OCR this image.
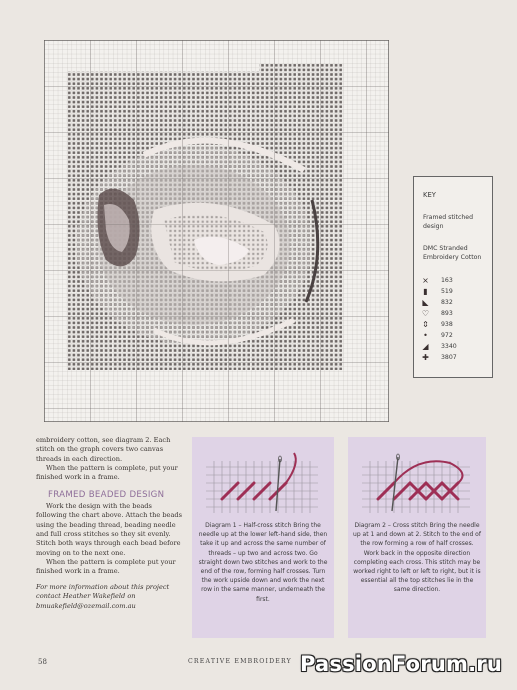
KEY
Framed stitched design
DMC Stranded Embroidery Cotton
× 163
▮	519
◣ 832
♡ 893
⇕ 938
•	972
◢ 3340
✚ 3807

embroidery cotton, see diagram 2. Each stitch on the graph covers two canvas threads in each direction.

When the pattern is complete, put your finished work in a frame.

FRAMED BEADED DESIGN

Work the design with the beads following the chart above. Attach the beads using the beading thread, beading needle and full cross stitches so they sit evenly. Stitch both ways through each bead before moving on to the next one.

When the pattern is complete put your finished work in a frame.

For more information about this project contact Heather Wakefield on bmuakefield@ozemail.com.au

Diagram 1 – Half-cross stitch Bring the needle up at the lower left-hand side, then take it up and across the same number of threads – up two and across two. Go straight down two stitches and work to the end of the row, forming half crosses. Turn the work upside down and work the next row in the same manner, underneath the first.
Diagram 2 – Cross stitch Bring the needle up at 1 and down at 2. Stitch to the end of the row forming a row of half crosses. Work back in the opposite direction completing each cross. This stitch may be worked right to left or left to right, but it is essential all the top stitches lie in the same direction.
58	CREATIVE EMBROIDERY PassionForum.ru
